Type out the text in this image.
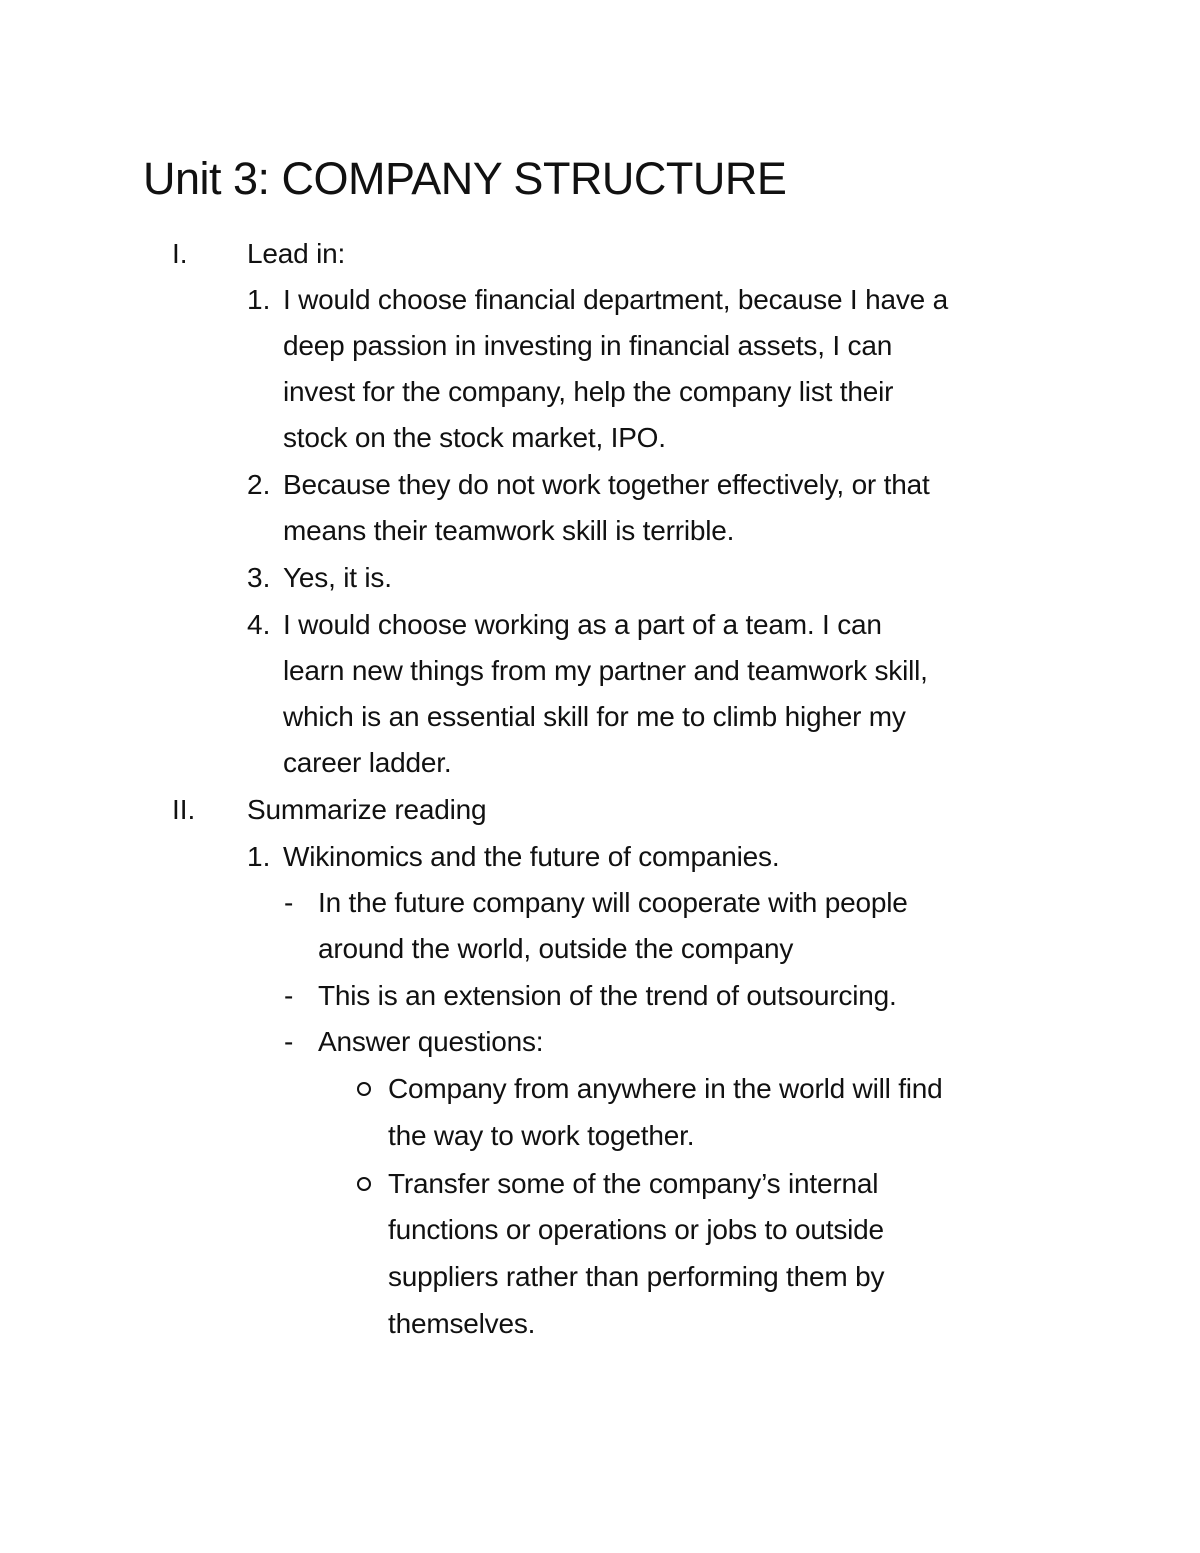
Unit 3: COMPANY STRUCTURE
I. Lead in:
1. I would choose financial department, because I have a
deep passion in investing in financial assets, I can
invest for the company, help the company list their
stock on the stock market, IPO.
2. Because they do not work together effectively, or that
means their teamwork skill is terrible.
3. Yes, it is.
4. I would choose working as a part of a team. I can
learn new things from my partner and teamwork skill,
which is an essential skill for me to climb higher my
career ladder.
II. Summarize reading
1. Wikinomics and the future of companies.
- In the future company will cooperate with people
around the world, outside the company
- This is an extension of the trend of outsourcing.
- Answer questions:
Company from anywhere in the world will find
the way to work together.
Transfer some of the company’s internal
functions or operations or jobs to outside
suppliers rather than performing them by
themselves.
